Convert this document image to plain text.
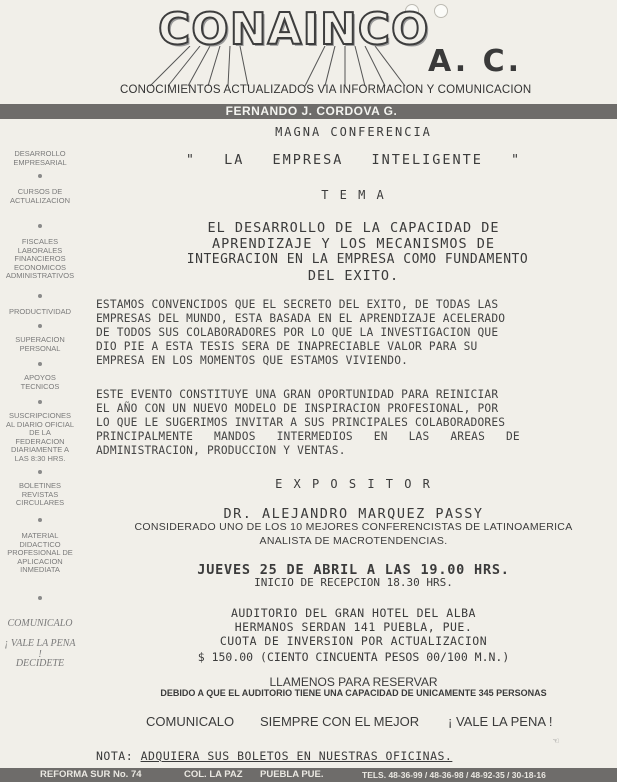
CONAINCO
A. C.
CONOCIMIENTOS ACTUALIZADOS VIA INFORMACION Y COMUNICACION
FERNANDO J. CORDOVA G.
DESARROLLO EMPRESARIAL
CURSOS DE ACTUALIZACION
FISCALES LABORALES FINANCIEROS ECONOMICOS ADMINISTRATIVOS
PRODUCTIVIDAD
SUPERACION PERSONAL
APOYOS TECNICOS
SUSCRIPCIONES AL DIARIO OFICIAL DE LA FEDERACION DIARIAMENTE A LAS 8:30 HRS.
BOLETINES REVISTAS CIRCULARES
MATERIAL DIDACTICO PROFESIONAL DE APLICACION INMEDIATA
COMUNICALO
¡ VALE LA PENA !
DECIDETE
MAGNA CONFERENCIA
" LA EMPRESA INTELIGENTE "
T E M A
EL DESARROLLO DE LA CAPACIDAD DE
APRENDIZAJE Y LOS MECANISMOS DE
INTEGRACION EN LA EMPRESA COMO FUNDAMENTO
DEL EXITO.
ESTAMOS CONVENCIDOS QUE EL SECRETO DEL EXITO, DE TODAS LAS
EMPRESAS DEL MUNDO, ESTA BASADA EN EL APRENDIZAJE ACELERADO
DE TODOS SUS COLABORADORES POR LO QUE LA INVESTIGACION QUE
DIO PIE A ESTA TESIS SERA DE INAPRECIABLE VALOR PARA SU
EMPRESA EN LOS MOMENTOS QUE ESTAMOS VIVIENDO.
ESTE EVENTO CONSTITUYE UNA GRAN OPORTUNIDAD PARA REINICIAR
EL AÑO CON UN NUEVO MODELO DE INSPIRACION PROFESIONAL, POR
LO QUE LE SUGERIMOS INVITAR A SUS PRINCIPALES COLABORADORES
PRINCIPALMENTE MANDOS INTERMEDIOS EN LAS AREAS DE
ADMINISTRACION, PRODUCCION Y VENTAS.
E X P O S I T O R
DR. ALEJANDRO MARQUEZ PASSY
CONSIDERADO UNO DE LOS 10 MEJORES CONFERENCISTAS DE LATINOAMERICA
ANALISTA DE MACROTENDENCIAS.
JUEVES 25 DE ABRIL A LAS 19.00 HRS.
INICIO DE RECEPCION 18.30 HRS.
AUDITORIO DEL GRAN HOTEL DEL ALBA
HERMANOS SERDAN 141 PUEBLA, PUE.
CUOTA DE INVERSION POR ACTUALIZACION
$ 150.00 (CIENTO CINCUENTA PESOS 00/100 M.N.)
LLAMENOS PARA RESERVAR
DEBIDO A QUE EL AUDITORIO TIENE UNA CAPACIDAD DE UNICAMENTE 345 PERSONAS
COMUNICALO SIEMPRE CON EL MEJOR ¡ VALE LA PENA !
NOTA: ADQUIERA SUS BOLETOS EN NUESTRAS OFICINAS.
☜
REFORMA SUR No. 74	COL. LA PAZ PUEBLA PUE.	TELS. 48-36-99 / 48-36-98 / 48-92-35 / 30-18-16
